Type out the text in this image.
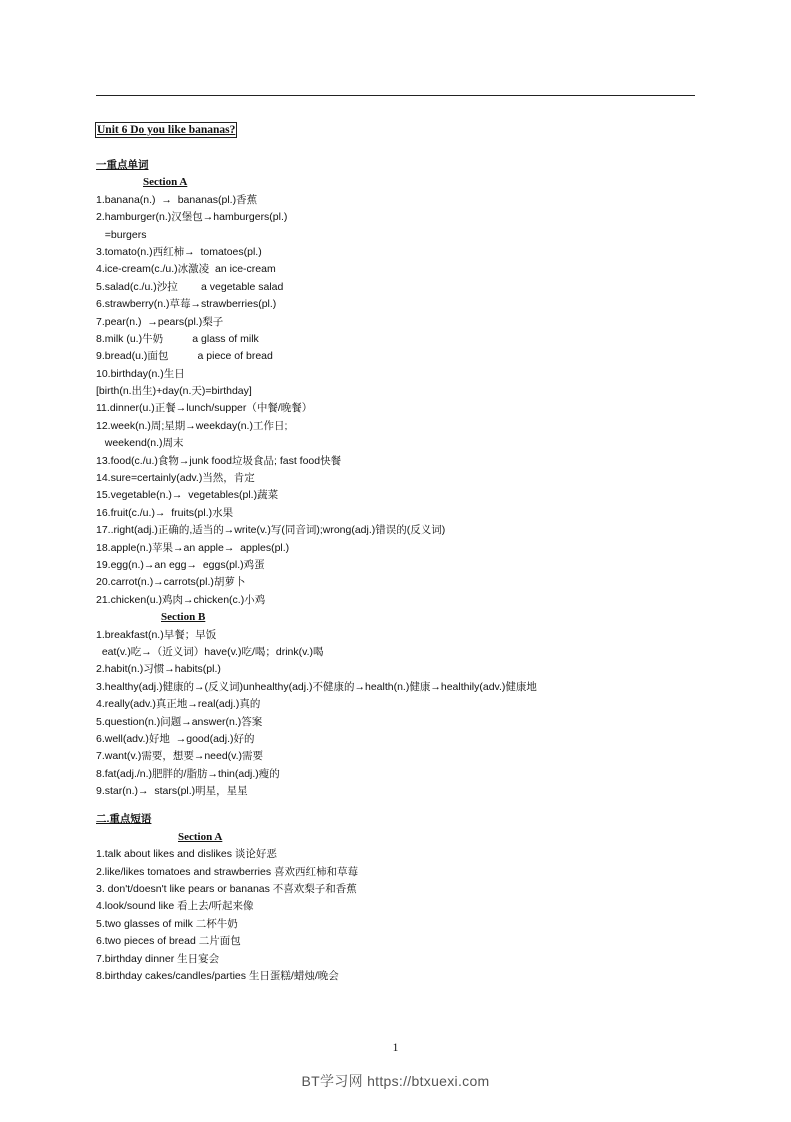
Unit 6 Do you like bananas?
一重点单词
Section A
1.banana(n.)  →  bananas(pl.)香蕉
2.hamburger(n.)汉堡包→hamburgers(pl.)
=burgers
3.tomato(n.)西红柿→  tomatoes(pl.)
4.ice-cream(c./u.)冰激凌  an ice-cream
5.salad(c./u.)沙拉        a vegetable salad
6.strawberry(n.)草莓→strawberries(pl.)
7.pear(n.)  →pears(pl.)梨子
8.milk (u.)牛奶          a glass of milk
9.bread(u.)面包          a piece of bread
10.birthday(n.)生日
[birth(n.出生)+day(n.天)=birthday]
11.dinner(u.)正餐→lunch/supper（中餐/晚餐）
12.week(n.)周;星期→weekday(n.)工作日;
weekend(n.)周末
13.food(c./u.)食物→junk food垃圾食品; fast food快餐
14.sure=certainly(adv.)当然，肯定
15.vegetable(n.)→  vegetables(pl.)蔬菜
16.fruit(c./u.)→  fruits(pl.)水果
17..right(adj.)正确的,适当的→write(v.)写(同音词);wrong(adj.)错误的(反义词)
18.apple(n.)苹果→an apple→  apples(pl.)
19.egg(n.)→an egg→  eggs(pl.)鸡蛋
20.carrot(n.)→carrots(pl.)胡萝卜
21.chicken(u.)鸡肉→chicken(c.)小鸡
Section B
1.breakfast(n.)早餐；早饭
eat(v.)吃→（近义词）have(v.)吃/喝；drink(v.)喝
2.habit(n.)习惯→habits(pl.)
3.healthy(adj.)健康的→(反义词)unhealthy(adj.)不健康的→health(n.)健康→healthily(adv.)健康地
4.really(adv.)真正地→real(adj.)真的
5.question(n.)问题→answer(n.)答案
6.well(adv.)好地  →good(adj.)好的
7.want(v.)需要，想要→need(v.)需要
8.fat(adj./n.)肥胖的/脂肪→thin(adj.)瘦的
9.star(n.)→  stars(pl.)明星，星星
二.重点短语
Section A
1.talk about likes and dislikes 谈论好恶
2.like/likes tomatoes and strawberries 喜欢西红柿和草莓
3. don't/doesn't like pears or bananas 不喜欢梨子和香蕉
4.look/sound like 看上去/听起来像
5.two glasses of milk 二杯牛奶
6.two pieces of bread 二片面包
7.birthday dinner 生日宴会
8.birthday cakes/candles/parties 生日蛋糕/蜡烛/晚会
1
BT学习网 https://btxuexi.com
